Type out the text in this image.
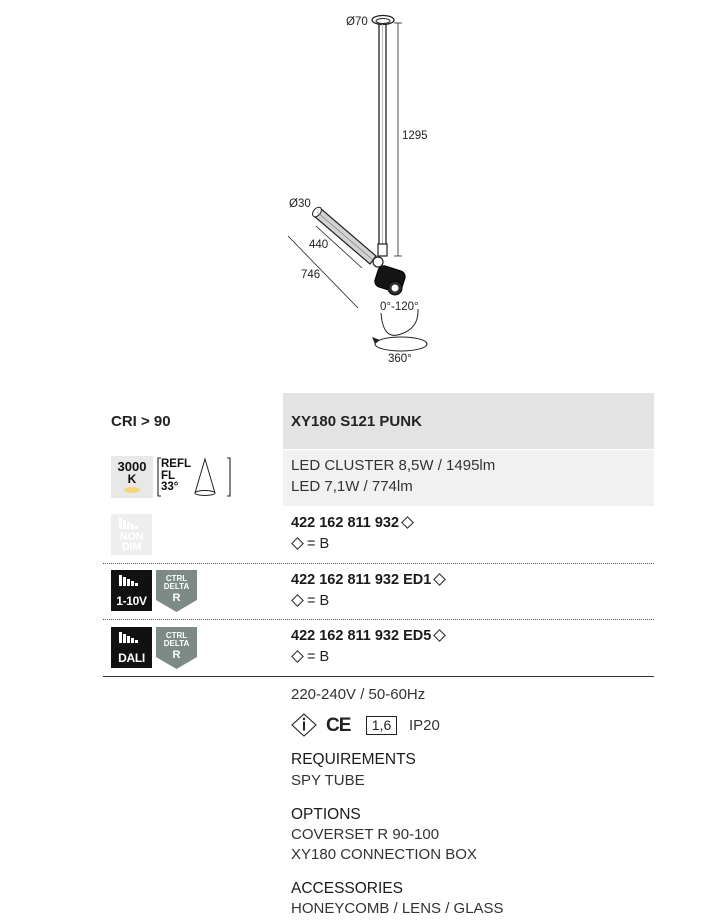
Ø70
1295
Ø30
440
746
0°-120°
360°
CRI > 90	XY180 S121 PUNK
3000
K
REFL
FL
33°
LED CLUSTER 8,5W / 1495lm
LED 7,1W / 774lm
NON
DIM
422 162 811 932
= B
1-10V
CTRL
DELTA
R
422 162 811 932 ED1
= B
DALI
CTRL
DELTA
R
422 162 811 932 ED5
= B
220-240V / 50-60Hz
CE	1,6	IP20
REQUIREMENTS
SPY TUBE
OPTIONS
COVERSET R 90-100
XY180 CONNECTION BOX
ACCESSORIES
HONEYCOMB / LENS / GLASS
